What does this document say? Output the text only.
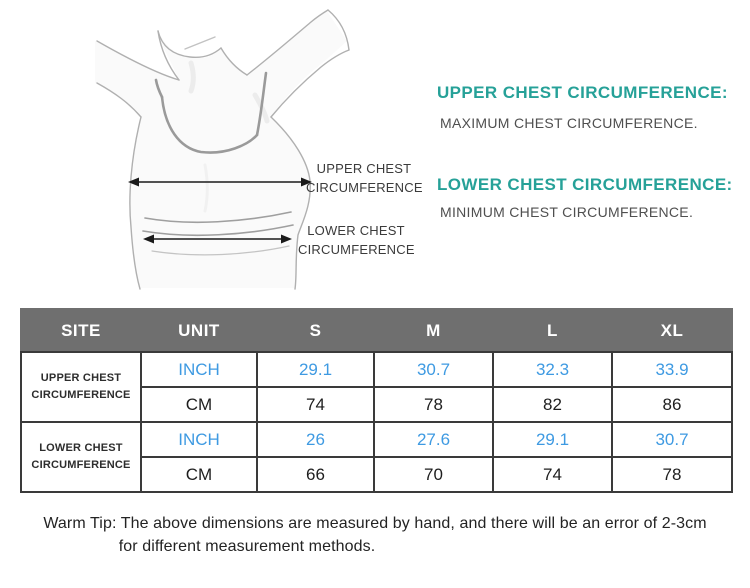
UPPER CHEST
CIRCUMFERENCE
LOWER CHEST
CIRCUMFERENCE
UPPER CHEST CIRCUMFERENCE:
MAXIMUM CHEST CIRCUMFERENCE.
LOWER CHEST CIRCUMFERENCE:
MINIMUM CHEST CIRCUMFERENCE.
SITE	UNIT	S	M	L	XL

UPPER CHEST
CIRCUMFERENCE	INCH	29.1	30.7	32.3	33.9
	CM	74	78	82	86

LOWER CHEST
CIRCUMFERENCE	INCH	26	27.6	29.1	30.7
	CM	66	70	74	78
Warm Tip: The above dimensions are measured by hand, and there will be an error of 2-3cm
for different measurement methods.
